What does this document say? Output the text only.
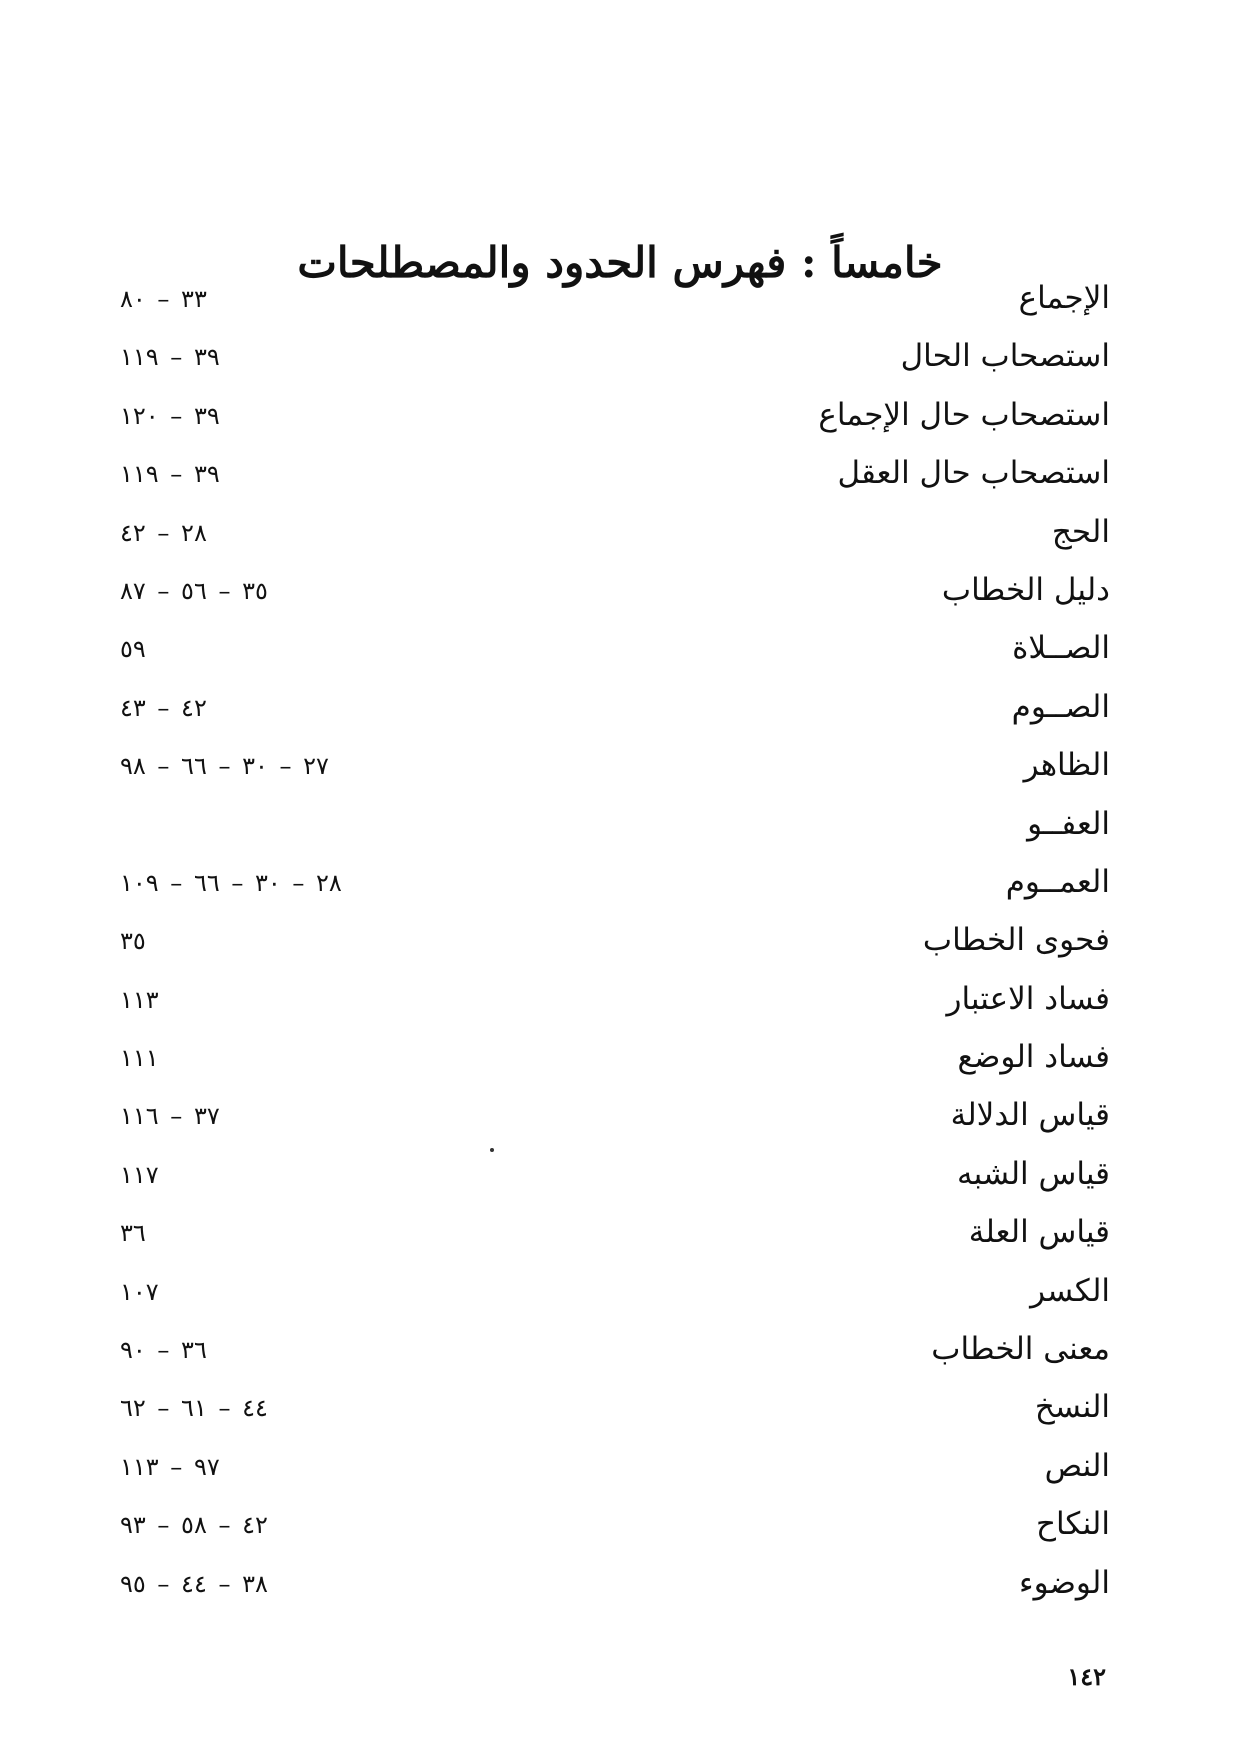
خامساً : فهرس الحدود والمصطلحات
الإجماع
٣٣ – ٨٠
استصحاب الحال
٣٩ – ١١٩
استصحاب حال الإجماع
٣٩ – ١٢٠
استصحاب حال العقل
٣٩ – ١١٩
الحج
٢٨ – ٤٢
دليل الخطاب
٣٥ – ٥٦ – ٨٧
الصــلاة
٥٩
الصــوم
٤٢ – ٤٣
الظاهر
٢٧ – ٣٠ – ٦٦ – ٩٨
العفــو
العمــوم
٢٨ – ٣٠ – ٦٦ – ١٠٩
فحوى الخطاب
٣٥
فساد الاعتبار
١١٣
فساد الوضع
١١١
قياس الدلالة
٣٧ – ١١٦
قياس الشبه
١١٧
قياس العلة
٣٦
الكسر
١٠٧
معنى الخطاب
٣٦ – ٩٠
النسخ
٤٤ – ٦١ – ٦٢
النص
٩٧ – ١١٣
النكاح
٤٢ – ٥٨ – ٩٣
الوضوء
٣٨ – ٤٤ – ٩٥
١٤٢
